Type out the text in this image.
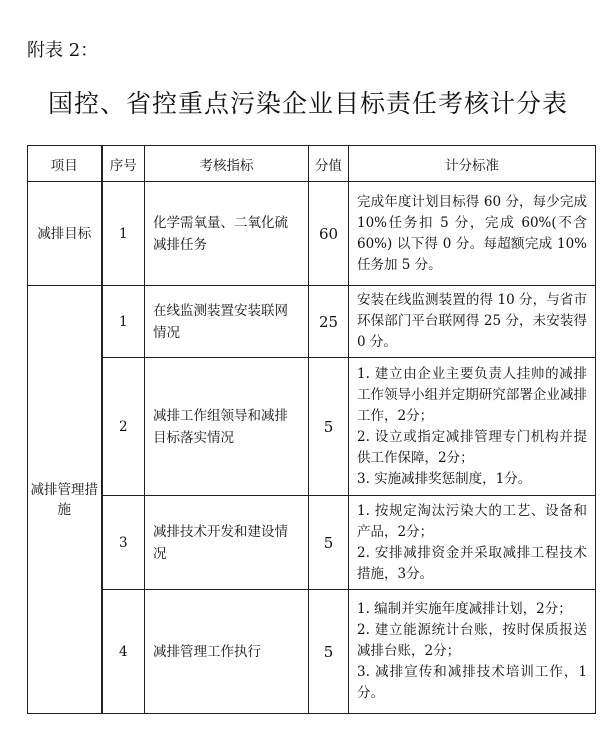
附表 2：
国控、省控重点污染企业目标责任考核计分表
项目	序号	考核指标	分值	计分标准
减排目标	1	化学需氧量、二氧化硫减排任务	60	完成年度计划目标得 60 分，每少完成 10%任务扣 5 分，完成 60%(不含 60%) 以下得 0 分。每超额完成 10%任务加 5 分。

减排管理措施	1	在线监测装置安装联网情况	25	安装在线监测装置的得 10 分，与省市环保部门平台联网得 25 分，未安装得 0 分。

	2	减排工作组领导和减排目标落实情况	5	1. 建立由企业主要负责人挂帅的减排工作领导小组并定期研究部署企业减排工作，2分；
2. 设立或指定减排管理专门机构并提供工作保障，2分；
3. 实施减排奖惩制度，1分。

	3	减排技术开发和建设情况	5	1. 按规定淘汰污染大的工艺、设备和产品，2分；
2. 安排减排资金并采取减排工程技术措施，3分。

	4	减排管理工作执行	5	1. 编制并实施年度减排计划，2分；
2. 建立能源统计台账，按时保质报送减排台账，2分；
3. 减排宣传和减排技术培训工作，1分。
